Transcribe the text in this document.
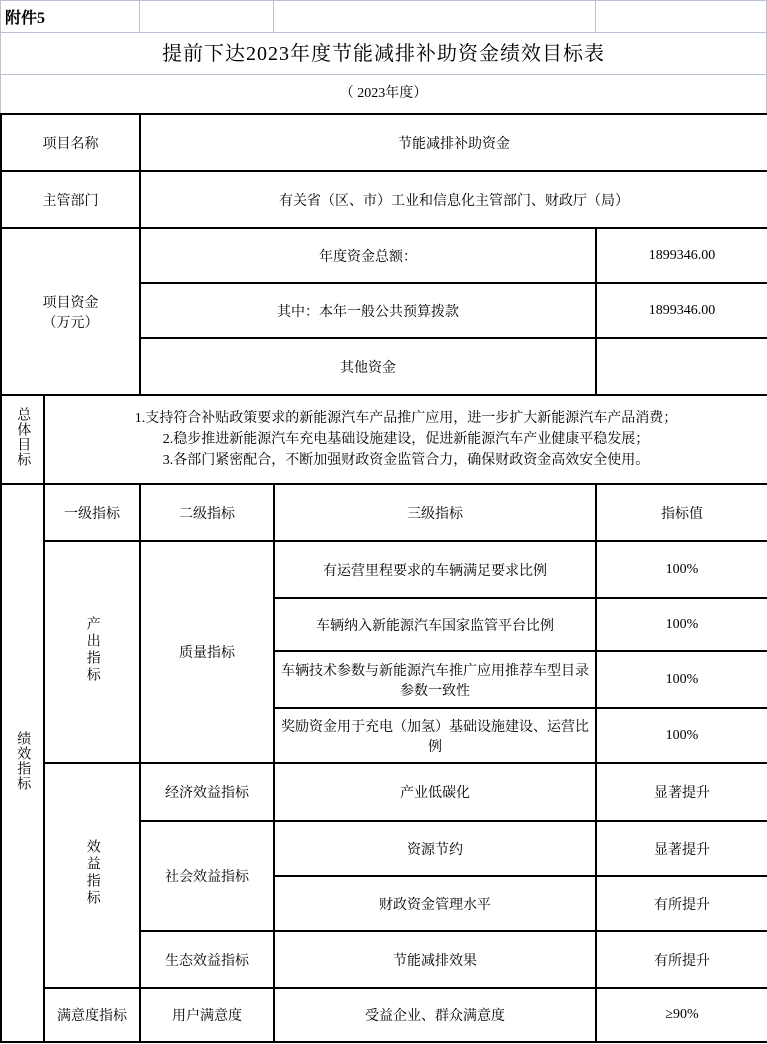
附件5
提前下达2023年度节能减排补助资金绩效目标表
（ 2023年度）
项目名称		节能减排补助资金		
主管部门		有关省（区、市）工业和信息化主管部门、财政厅（局）		

项目资金
（万元）		年度资金总额：		1899346.00
		其中：本年一般公共预算拨款		1899346.00
		其他资金		
总体目标	1.支持符合补贴政策要求的新能源汽车产品推广应用，进一步扩大新能源汽车产品消费；
2.稳步推进新能源汽车充电基础设施建设，促进新能源汽车产业健康平稳发展；
3.各部门紧密配合，不断加强财政资金监管合力，确保财政资金高效安全使用。			

绩效指标	一级指标	二级指标	三级指标	指标值
	产出指标	质量指标	有运营里程要求的车辆满足要求比例	100%
			车辆纳入新能源汽车国家监管平台比例	100%
			车辆技术参数与新能源汽车推广应用推荐车型目录参数一致性	100%
			奖励资金用于充电（加氢）基础设施建设、运营比例	100%
	效益指标	经济效益指标	产业低碳化	显著提升
		社会效益指标	资源节约	显著提升
			财政资金管理水平	有所提升
		生态效益指标	节能减排效果	有所提升
	满意度指标	用户满意度	受益企业、群众满意度	≥90%
